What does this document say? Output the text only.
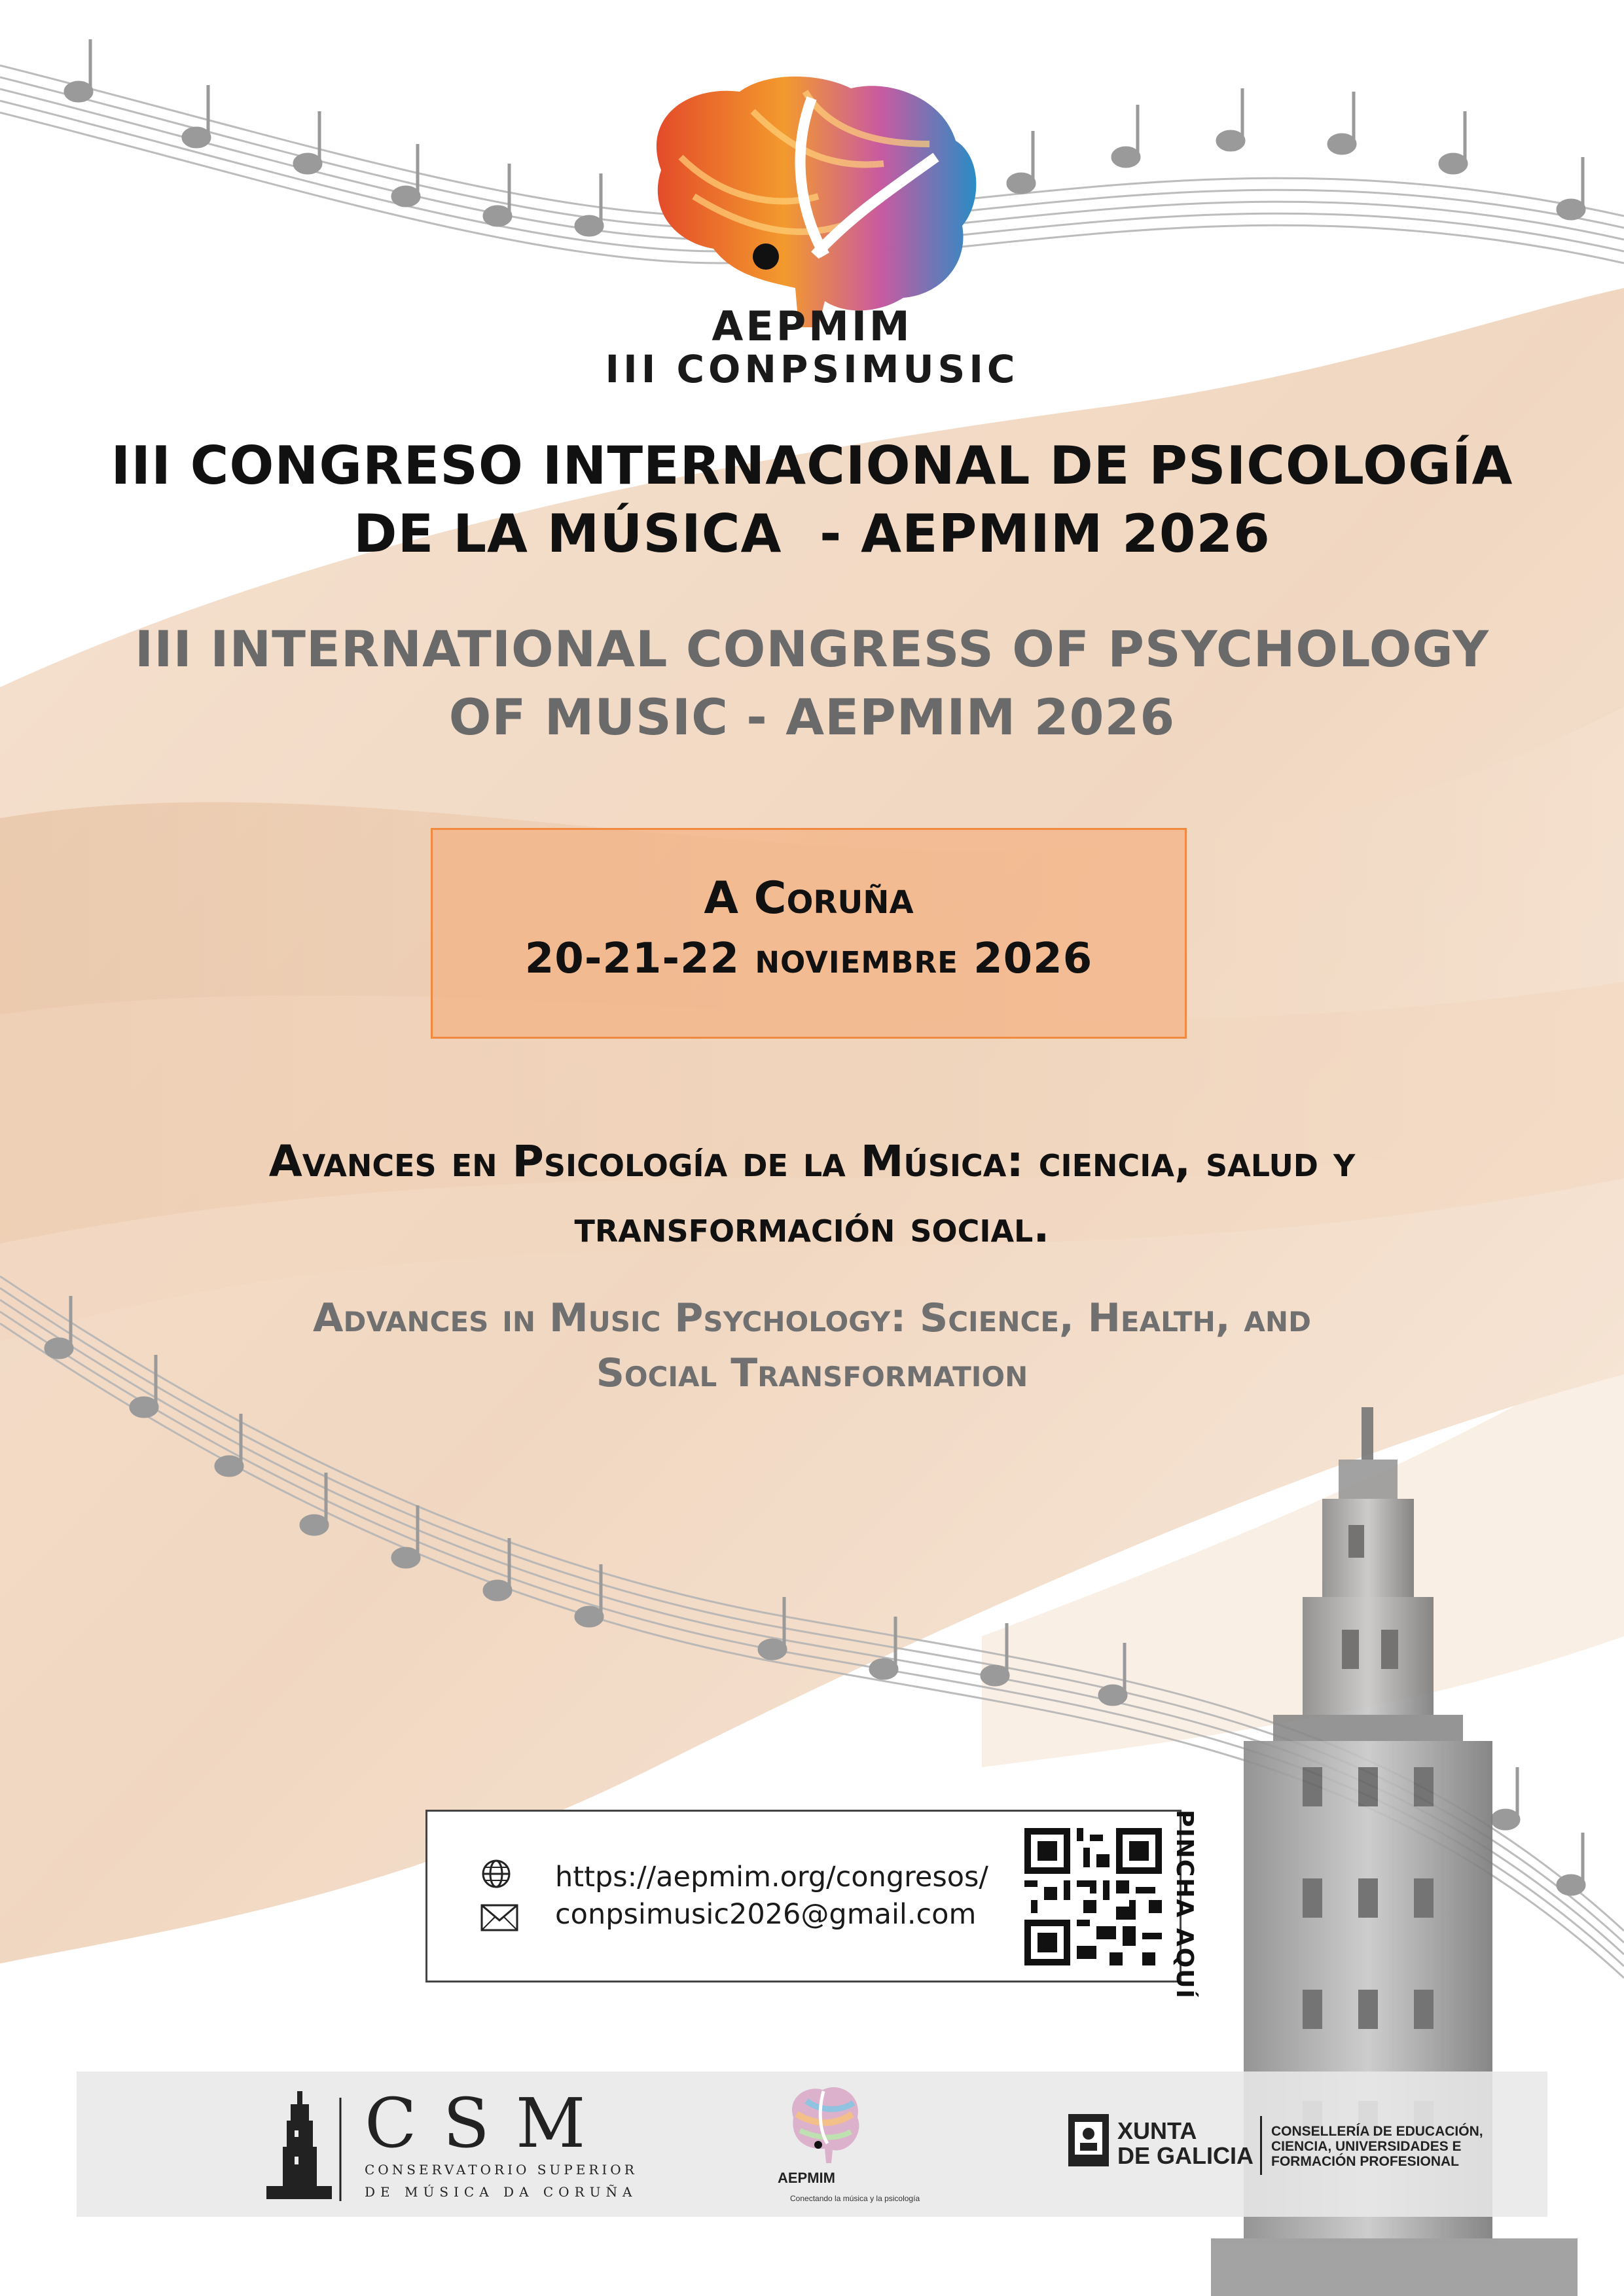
AEPMIM
III CONPSIMUSIC
III CONGRESO INTERNACIONAL DE PSICOLOGÍA
DE LA MÚSICA  - AEPMIM 2026
III INTERNATIONAL CONGRESS OF PSYCHOLOGY
OF MUSIC - AEPMIM 2026
A Coruña
20-21-22 noviembre 2026
Avances en Psicología de la Música: ciencia, salud y
transformación social.
Advances in Music Psychology: Science, Health, and
Social Transformation
https://aepmim.org/congresos/
conpsimusic2026@gmail.com	PINCHA AQUÍ
CSM
CONSERVATORIO SUPERIOR
DE MÚSICA DA CORUÑA
AEPMIM
Conectando la música y la psicología
XUNTA
DE GALICIA
CONSELLERÍA DE EDUCACIÓN,
CIENCIA, UNIVERSIDADES E
FORMACIÓN PROFESIONAL
